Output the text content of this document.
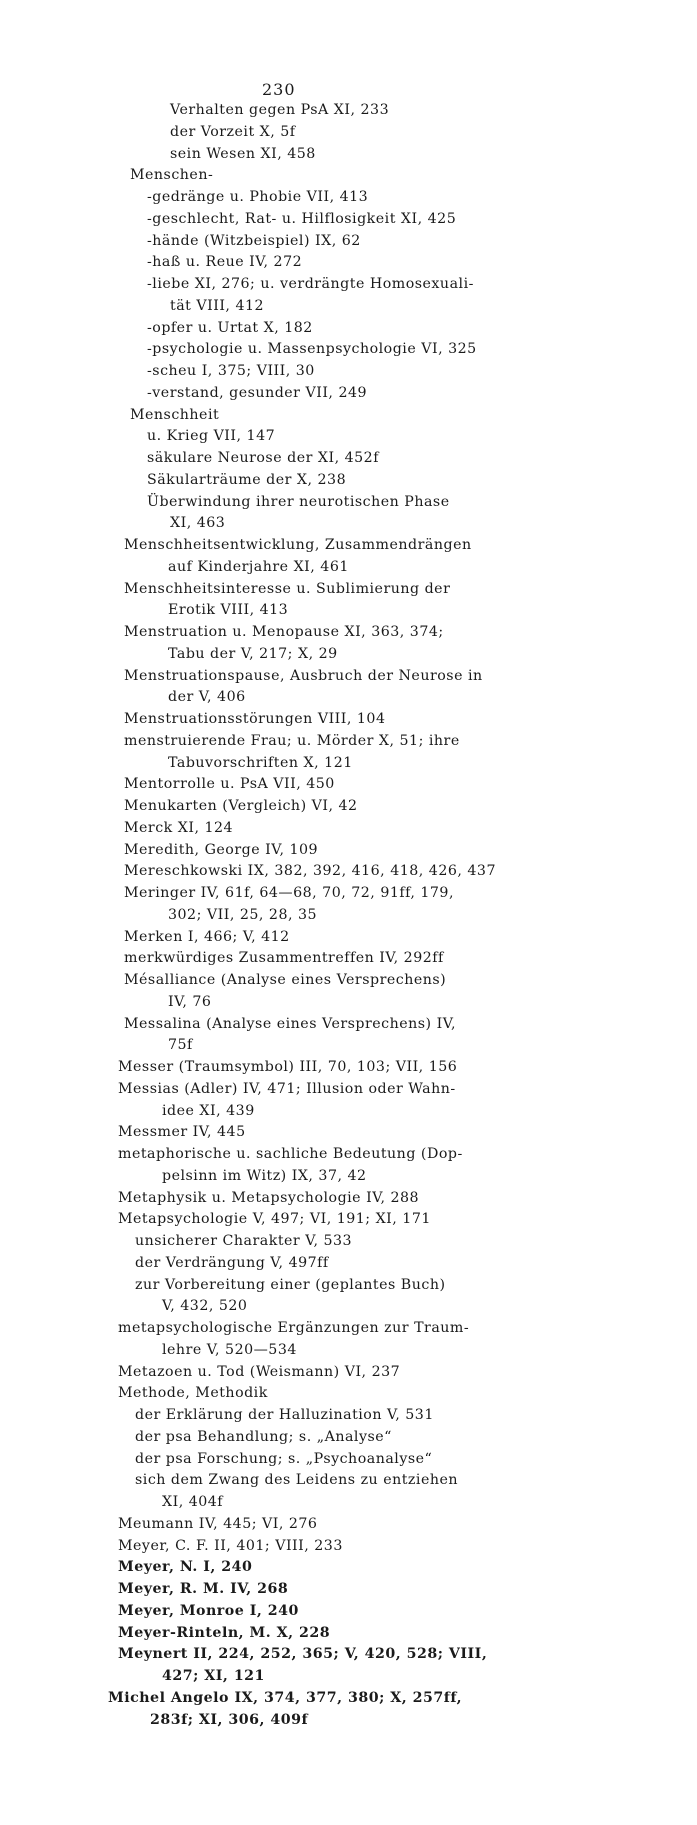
230
Verhalten gegen PsA XI, 233
der Vorzeit X, 5f
sein Wesen XI, 458
Menschen-
-gedränge u. Phobie VII, 413
-geschlecht, Rat- u. Hilflosigkeit XI, 425
-hände (Witzbeispiel) IX, 62
-haß u. Reue IV, 272
-liebe XI, 276; u. verdrängte Homosexuali-
tät VIII, 412
-opfer u. Urtat X, 182
-psychologie u. Massenpsychologie VI, 325
-scheu I, 375; VIII, 30
-verstand, gesunder VII, 249
Menschheit
u. Krieg VII, 147
säkulare Neurose der XI, 452f
Säkularträume der X, 238
Überwindung ihrer neurotischen Phase
XI, 463
Menschheitsentwicklung, Zusammendrängen
auf Kinderjahre XI, 461
Menschheitsinteresse u. Sublimierung der
Erotik VIII, 413
Menstruation u. Menopause XI, 363, 374;
Tabu der V, 217; X, 29
Menstruationspause, Ausbruch der Neurose in
der V, 406
Menstruationsstörungen VIII, 104
menstruierende Frau; u. Mörder X, 51; ihre
Tabuvorschriften X, 121
Mentorrolle u. PsA VII, 450
Menukarten (Vergleich) VI, 42
Merck XI, 124
Meredith, George IV, 109
Mereschkowski IX, 382, 392, 416, 418, 426, 437
Meringer IV, 61f, 64—68, 70, 72, 91ff, 179,
302; VII, 25, 28, 35
Merken I, 466; V, 412
merkwürdiges Zusammentreffen IV, 292ff
Mésalliance (Analyse eines Versprechens)
IV, 76
Messalina (Analyse eines Versprechens) IV,
75f
Messer (Traumsymbol) III, 70, 103; VII, 156
Messias (Adler) IV, 471; Illusion oder Wahn-
idee XI, 439
Messmer IV, 445
metaphorische u. sachliche Bedeutung (Dop-
pelsinn im Witz) IX, 37, 42
Metaphysik u. Metapsychologie IV, 288
Metapsychologie V, 497; VI, 191; XI, 171
unsicherer Charakter V, 533
der Verdrängung V, 497ff
zur Vorbereitung einer (geplantes Buch)
V, 432, 520
metapsychologische Ergänzungen zur Traum-
lehre V, 520—534
Metazoen u. Tod (Weismann) VI, 237
Methode, Methodik
der Erklärung der Halluzination V, 531
der psa Behandlung; s. „Analyse“
der psa Forschung; s. „Psychoanalyse“
sich dem Zwang des Leidens zu entziehen
XI, 404f
Meumann IV, 445; VI, 276
Meyer, C. F. II, 401; VIII, 233
Meyer, N. I, 240
Meyer, R. M. IV, 268
Meyer, Monroe I, 240
Meyer-Rinteln, M. X, 228
Meynert II, 224, 252, 365; V, 420, 528; VIII,
427; XI, 121
Michel Angelo IX, 374, 377, 380; X, 257ff,
283f; XI, 306, 409f
